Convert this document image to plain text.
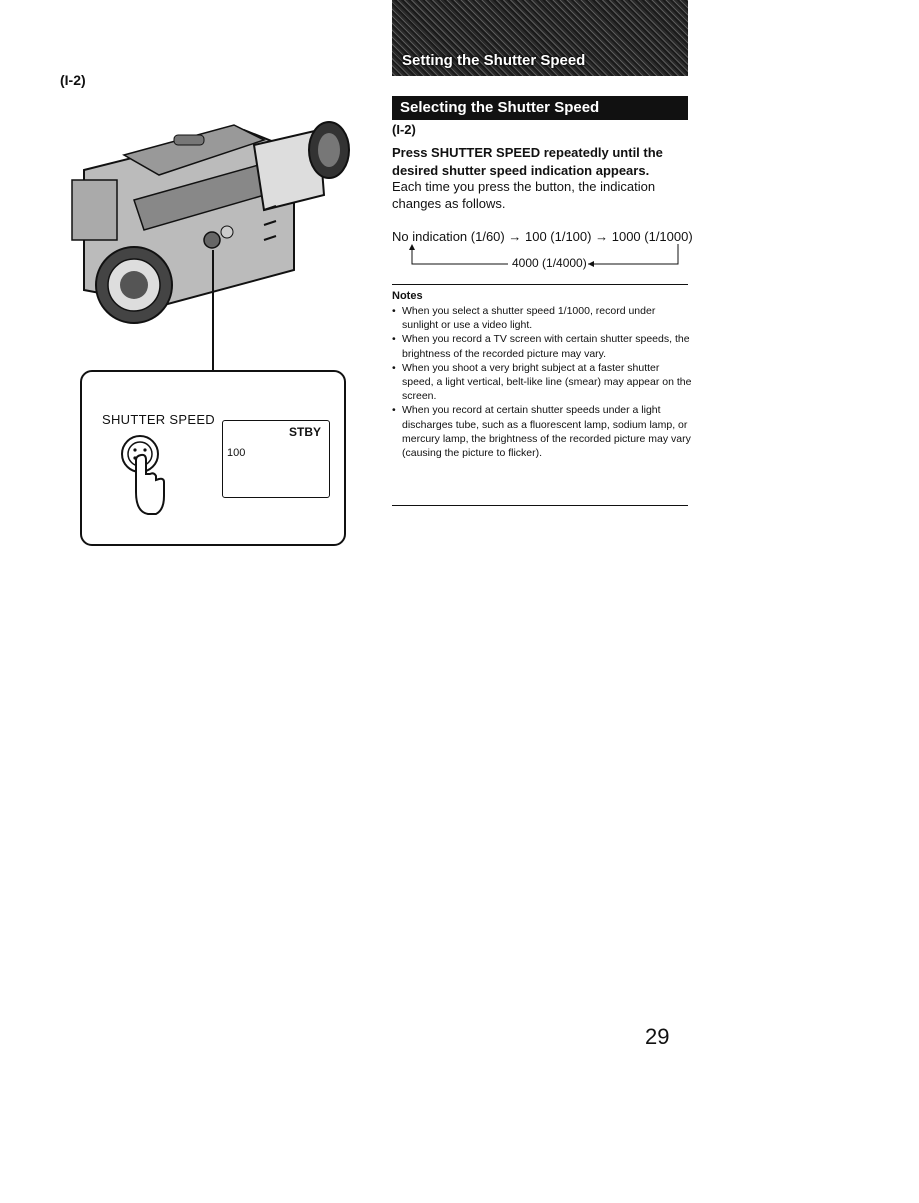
(I-2)
SHUTTER SPEED
STBY
100
Setting the Shutter Speed
Selecting the Shutter Speed
(I-2)
Press SHUTTER SPEED repeatedly until the desired shutter speed indication appears.
Each time you press the button, the indication changes as follows.
No indication (1/60) → 100 (1/100) → 1000 (1/1000)
4000 (1/4000)
Notes
• When you select a shutter speed 1/1000, record under sunlight or use a video light.
• When you record a TV screen with certain shutter speeds, the brightness of the recorded picture may vary.
• When you shoot a very bright subject at a faster shutter speed, a light vertical, belt-like line (smear) may appear on the screen.
• When you record at certain shutter speeds under a light discharges tube, such as a fluorescent lamp, sodium lamp, or mercury lamp, the brightness of the recorded picture may vary (causing the picture to flicker).
29
